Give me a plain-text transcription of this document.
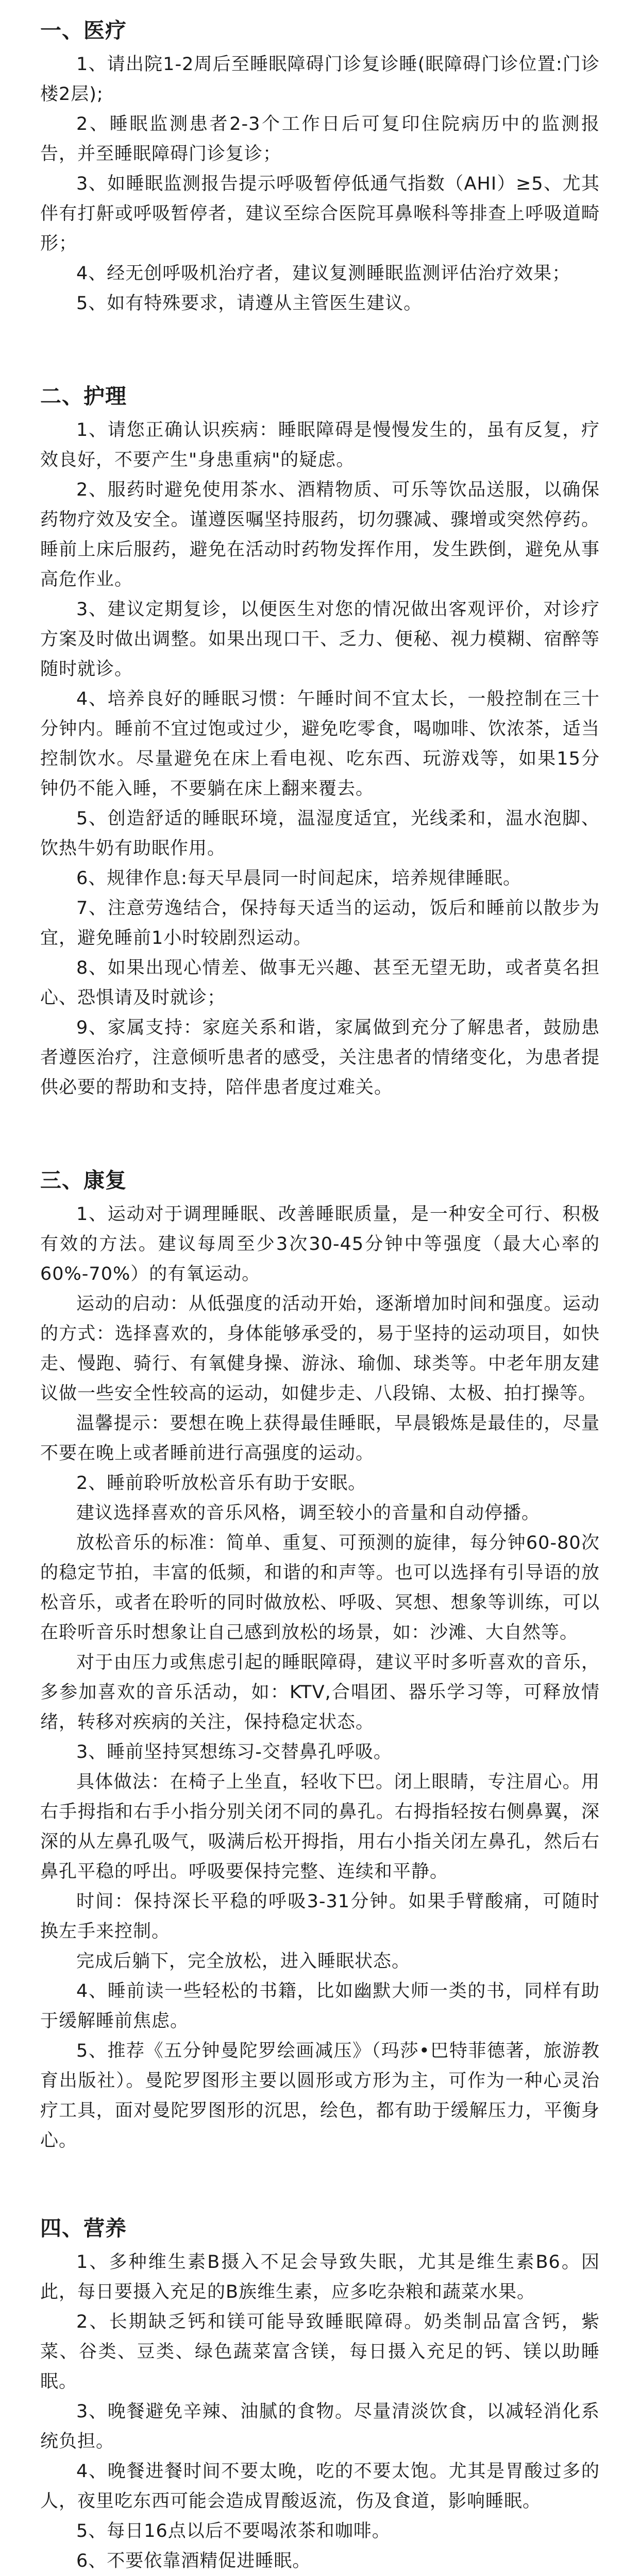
一、医疗

1、请出院1-2周后至睡眠障碍门诊复诊睡(眠障碍门诊位置:门诊楼2层);

2、睡眠监测患者2-3个工作日后可复印住院病历中的监测报告，并至睡眠障碍门诊复诊；

3、如睡眠监测报告提示呼吸暂停低通气指数（AHI）≥5、尤其伴有打鼾或呼吸暂停者，建议至综合医院耳鼻喉科等排查上呼吸道畸形；

4、经无创呼吸机治疗者，建议复测睡眠监测评估治疗效果；

5、如有特殊要求，请遵从主管医生建议。

二、护理

1、请您正确认识疾病：睡眠障碍是慢慢发生的，虽有反复，疗效良好，不要产生"身患重病"的疑虑。

2、服药时避免使用茶水、酒精物质、可乐等饮品送服，以确保药物疗效及安全。谨遵医嘱坚持服药，切勿骤减、骤增或突然停药。睡前上床后服药，避免在活动时药物发挥作用，发生跌倒，避免从事高危作业。

3、建议定期复诊，以便医生对您的情况做出客观评价，对诊疗方案及时做出调整。如果出现口干、乏力、便秘、视力模糊、宿醉等随时就诊。

4、培养良好的睡眠习惯：午睡时间不宜太长，一般控制在三十分钟内。睡前不宜过饱或过少，避免吃零食，喝咖啡、饮浓茶，适当控制饮水。尽量避免在床上看电视、吃东西、玩游戏等，如果15分钟仍不能入睡，不要躺在床上翻来覆去。

5、创造舒适的睡眠环境，温湿度适宜，光线柔和，温水泡脚、饮热牛奶有助眠作用。

6、规律作息:每天早晨同一时间起床，培养规律睡眠。

7、注意劳逸结合，保持每天适当的运动，饭后和睡前以散步为宜，避免睡前1小时较剧烈运动。

8、如果出现心情差、做事无兴趣、甚至无望无助，或者莫名担心、恐惧请及时就诊；

9、家属支持：家庭关系和谐，家属做到充分了解患者，鼓励患者遵医治疗，注意倾听患者的感受，关注患者的情绪变化，为患者提供必要的帮助和支持，陪伴患者度过难关。

三、康复

1、运动对于调理睡眠、改善睡眠质量，是一种安全可行、积极有效的方法。建议每周至少3次30-45分钟中等强度（最大心率的60%-70%）的有氧运动。

运动的启动：从低强度的活动开始，逐渐增加时间和强度。运动的方式：选择喜欢的，身体能够承受的，易于坚持的运动项目，如快走、慢跑、骑行、有氧健身操、游泳、瑜伽、球类等。中老年朋友建议做一些安全性较高的运动，如健步走、八段锦、太极、拍打操等。

温馨提示：要想在晚上获得最佳睡眠，早晨锻炼是最佳的，尽量不要在晚上或者睡前进行高强度的运动。

2、睡前聆听放松音乐有助于安眠。

建议选择喜欢的音乐风格，调至较小的音量和自动停播。

放松音乐的标准：简单、重复、可预测的旋律，每分钟60-80次的稳定节拍，丰富的低频，和谐的和声等。也可以选择有引导语的放松音乐，或者在聆听的同时做放松、呼吸、冥想、想象等训练，可以在聆听音乐时想象让自己感到放松的场景，如：沙滩、大自然等。

对于由压力或焦虑引起的睡眠障碍，建议平时多听喜欢的音乐，多参加喜欢的音乐活动，如：KTV,合唱团、器乐学习等，可释放情绪，转移对疾病的关注，保持稳定状态。

3、睡前坚持冥想练习-交替鼻孔呼吸。

具体做法：在椅子上坐直，轻收下巴。闭上眼睛，专注眉心。用右手拇指和右手小指分别关闭不同的鼻孔。右拇指轻按右侧鼻翼，深深的从左鼻孔吸气，吸满后松开拇指，用右小指关闭左鼻孔，然后右鼻孔平稳的呼出。呼吸要保持完整、连续和平静。

时间：保持深长平稳的呼吸3-31分钟。如果手臂酸痛，可随时换左手来控制。

完成后躺下，完全放松，进入睡眠状态。

4、睡前读一些轻松的书籍，比如幽默大师一类的书，同样有助于缓解睡前焦虑。

5、推荐《五分钟曼陀罗绘画减压》（玛莎•巴特菲德著，旅游教育出版社）。曼陀罗图形主要以圆形或方形为主，可作为一种心灵治疗工具，面对曼陀罗图形的沉思，绘色，都有助于缓解压力，平衡身心。

四、营养

1、多种维生素B摄入不足会导致失眠，尤其是维生素B6。因此，每日要摄入充足的B族维生素，应多吃杂粮和蔬菜水果。

2、长期缺乏钙和镁可能导致睡眠障碍。奶类制品富含钙，紫菜、谷类、豆类、绿色蔬菜富含镁，每日摄入充足的钙、镁以助睡眠。

3、晚餐避免辛辣、油腻的食物。尽量清淡饮食，以减轻消化系统负担。

4、晚餐进餐时间不要太晚，吃的不要太饱。尤其是胃酸过多的人，夜里吃东西可能会造成胃酸返流，伤及食道，影响睡眠。

5、每日16点以后不要喝浓茶和咖啡。

6、不要依靠酒精促进睡眠。
